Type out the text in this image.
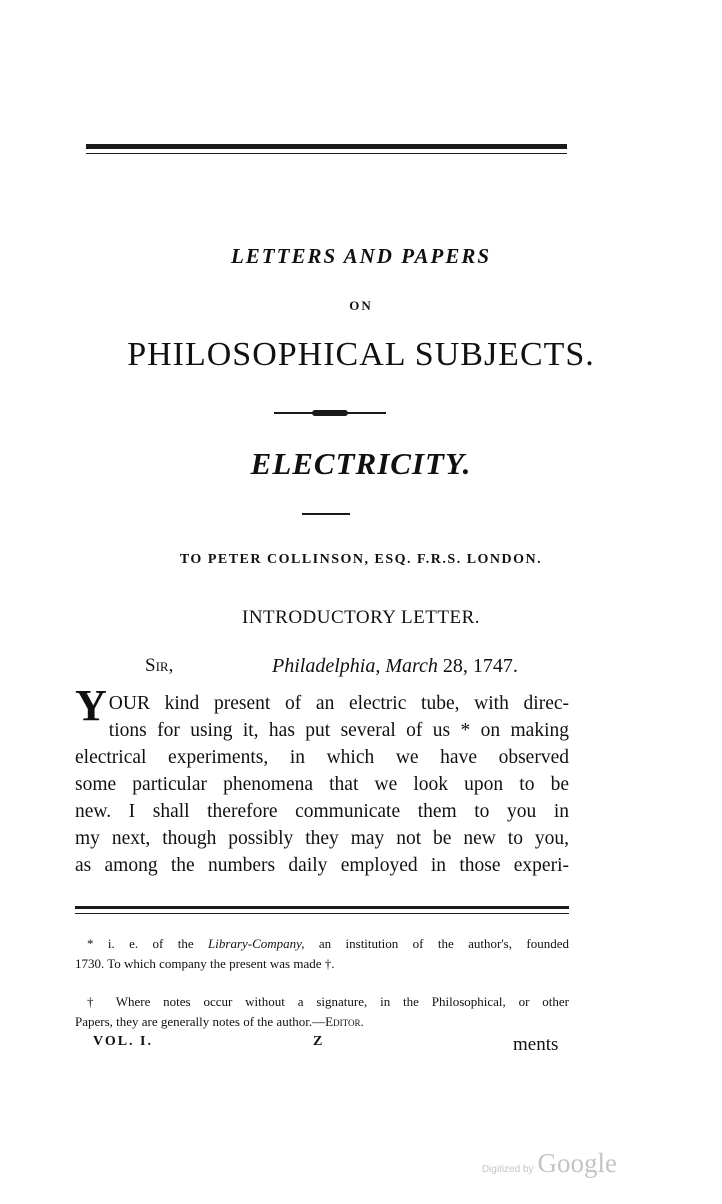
LETTERS AND PAPERS
ON
PHILOSOPHICAL SUBJECTS.
ELECTRICITY.
TO PETER COLLINSON, ESQ. F.R.S. LONDON.
INTRODUCTORY LETTER.
Sir,	Philadelphia, March 28, 1747.
Y OUR kind present of an electric tube, with direc-
tions for using it, has put several of us * on making
electrical experiments, in which we have observed
some particular phenomena that we look upon to be
new. I shall therefore communicate them to you in
my next, though possibly they may not be new to you,
as among the numbers daily employed in those experi-
* i. e. of the Library-Company, an institution of the author's, founded
1730. To which company the present was made †.
† Where notes occur without a signature, in the Philosophical, or other
Papers, they are generally notes of the author.—Editor.
VOL. I.	Z	ments
Digitized by Google
